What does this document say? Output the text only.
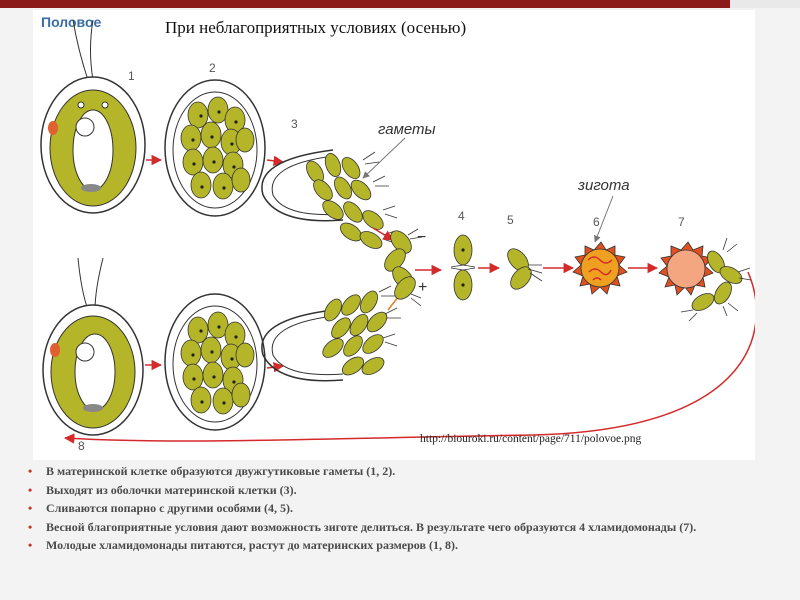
Половое
1
2
3	гаметы
−
4	5	6
зигота
7
8
+
При неблагоприятных условиях (осенью)
http://biouroki.ru/content/page/711/polovoe.png
• В материнской клетке образуются двужгутиковые гаметы (1, 2).
• Выходят из оболочки материнской клетки (3).
• Сливаются попарно с другими особями (4, 5).
• Весной благоприятные условия дают возможность зиготе делиться. В результате чего образуются 4 хламидомонады (7).
• Молодые хламидомонады питаются, растут до материнских размеров (1, 8).
